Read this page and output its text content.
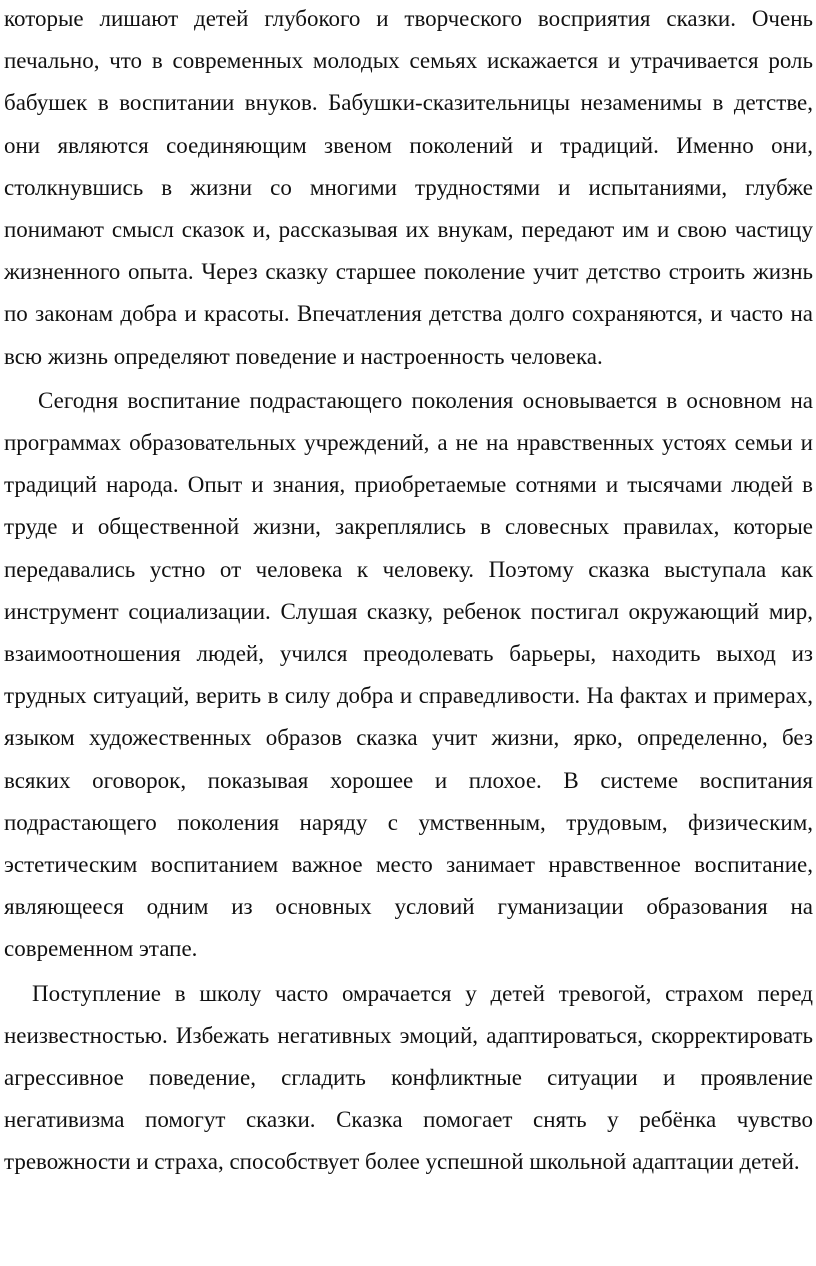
которые лишают детей глубокого и творческого восприятия сказки. Очень печально, что в современных молодых семьях искажается и утрачивается роль бабушек в воспитании внуков. Бабушки-сказительницы незаменимы в детстве, они являются соединяющим звеном поколений и традиций. Именно они, столкнувшись в жизни со многими трудностями и испытаниями, глубже понимают смысл сказок и, рассказывая их внукам, передают им и свою частицу жизненного опыта. Через сказку старшее поколение учит детство строить жизнь по законам добра и красоты. Впечатления детства долго сохраняются, и часто на всю жизнь определяют поведение и настроенность человека.

Сегодня воспитание подрастающего поколения основывается в основном на программах образовательных учреждений, а не на нравственных устоях семьи и традиций народа. Опыт и знания, приобретаемые сотнями и тысячами людей в труде и общественной жизни, закреплялись в словесных правилах, которые передавались устно от человека к человеку. Поэтому сказка выступала как инструмент социализации. Слушая сказку, ребенок постигал окружающий мир, взаимоотношения людей, учился преодолевать барьеры, находить выход из трудных ситуаций, верить в силу добра и справедливости. На фактах и примерах, языком художественных образов сказка учит жизни, ярко, определенно, без всяких оговорок, показывая хорошее и плохое. В системе воспитания подрастающего поколения наряду с умственным, трудовым, физическим, эстетическим воспитанием важное место занимает нравственное воспитание, являющееся одним из основных условий гуманизации образования на современном этапе.

Поступление в школу часто омрачается у детей тревогой, страхом перед неизвестностью. Избежать негативных эмоций, адаптироваться, скорректировать агрессивное поведение, сгладить конфликтные ситуации и проявление негативизма помогут сказки. Сказка помогает снять у ребёнка чувство тревожности и страха, способствует более успешной школьной адаптации детей.
